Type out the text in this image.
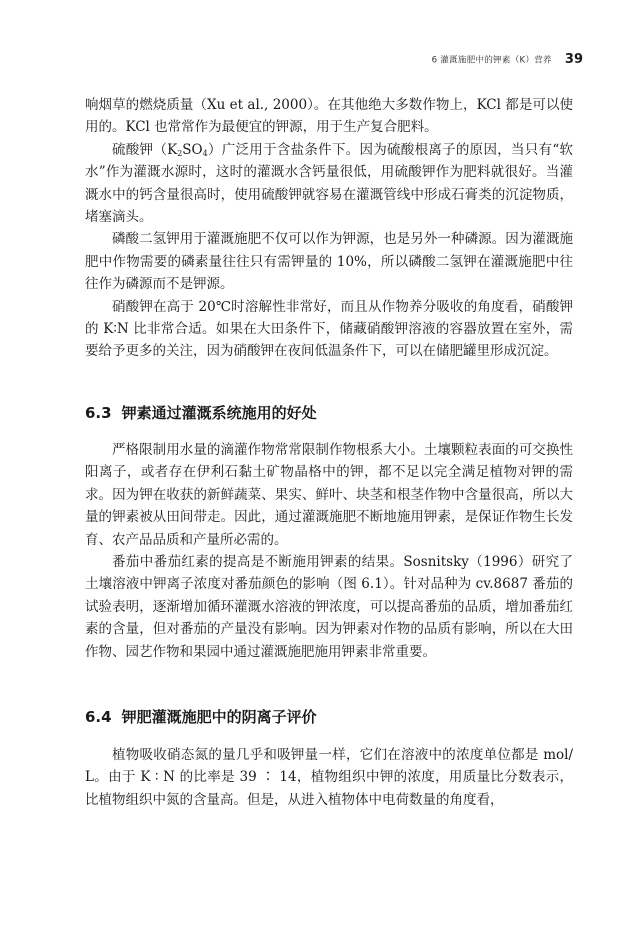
6 灌溉施肥中的钾素（K）营养 39

响烟草的燃烧质量（Xu et al., 2000）。在其他绝大多数作物上，KCl 都是可以使用的。KCl 也常常作为最便宜的钾源，用于生产复合肥料。

硫酸钾$(K_2SO_4)$广泛用于含盐条件下。因为硫酸根离子的原因，当只有“软水”作为灌溉水源时，这时的灌溉水含钙量很低，用硫酸钾作为肥料就很好。当灌溉水中的钙含量很高时，使用硫酸钾就容易在灌溉管线中形成石膏类的沉淀物质，堵塞滴头。

磷酸二氢钾用于灌溉施肥不仅可以作为钾源，也是另外一种磷源。因为灌溉施肥中作物需要的磷素量往往只有需钾量的 10%，所以磷酸二氢钾在灌溉施肥中往往作为磷源而不是钾源。

硝酸钾在高于 20℃时溶解性非常好，而且从作物养分吸收的角度看，硝酸钾的 K∶N 比非常合适。如果在大田条件下，储藏硝酸钾溶液的容器放置在室外，需要给予更多的关注，因为硝酸钾在夜间低温条件下，可以在储肥罐里形成沉淀。

6.3 钾素通过灌溉系统施用的好处

严格限制用水量的滴灌作物常常限制作物根系大小。土壤颗粒表面的可交换性阳离子，或者存在伊利石黏土矿物晶格中的钾，都不足以完全满足植物对钾的需求。因为钾在收获的新鲜蔬菜、果实、鲜叶、块茎和根茎作物中含量很高，所以大量的钾素被从田间带走。因此，通过灌溉施肥不断地施用钾素，是保证作物生长发育、农产品品质和产量所必需的。

番茄中番茄红素的提高是不断施用钾素的结果。Sosnitsky（1996）研究了土壤溶液中钾离子浓度对番茄颜色的影响（图 6.1）。针对品种为 cv.8687 番茄的试验表明，逐渐增加循环灌溉水溶液的钾浓度，可以提高番茄的品质，增加番茄红素的含量，但对番茄的产量没有影响。因为钾素对作物的品质有影响，所以在大田作物、园艺作物和果园中通过灌溉施肥施用钾素非常重要。

6.4 钾肥灌溉施肥中的阴离子评价

植物吸收硝态氮的量几乎和吸钾量一样，它们在溶液中的浓度单位都是 mol/ L。由于 K ∶ N 的比率是 39 ∶ 14，植物组织中钾的浓度，用质量比分数表示，比植物组织中氮的含量高。但是，从进入植物体中电荷数量的角度看，
